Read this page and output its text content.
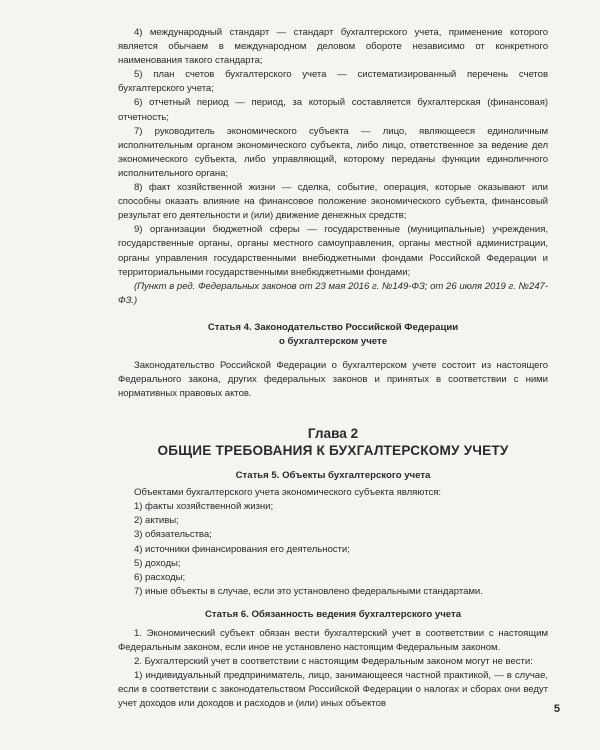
4) международный стандарт — стандарт бухгалтерского учета, применение которого является обычаем в международном деловом обороте независимо от конкретного наименования такого стандарта;

5) план счетов бухгалтерского учета — систематизированный перечень счетов бухгалтерского учета;

6) отчетный период — период, за который составляется бухгалтерская (финансовая) отчетность;

7) руководитель экономического субъекта — лицо, являющееся единоличным исполнительным органом экономического субъекта, либо лицо, ответственное за ведение дел экономического субъекта, либо управляющий, которому переданы функции единоличного исполнительного органа;

8) факт хозяйственной жизни — сделка, событие, операция, которые оказывают или способны оказать влияние на финансовое положение экономического субъекта, финансовый результат его деятельности и (или) движение денежных средств;

9) организации бюджетной сферы — государственные (муниципальные) учреждения, государственные органы, органы местного самоуправления, органы местной администрации, органы управления государственными внебюджетными фондами Российской Федерации и территориальными государственными внебюджетными фондами;

(Пункт в ред. Федеральных законов от 23 мая 2016 г. №149-ФЗ; от 26 июля 2019 г. №247-ФЗ.)

Статья 4. Законодательство Российской Федерации

о бухгалтерском учете

Законодательство Российской Федерации о бухгалтерском учете состоит из настоящего Федерального закона, других федеральных законов и принятых в соответствии с ними нормативных правовых актов.

Глава 2

ОБЩИЕ ТРЕБОВАНИЯ К БУХГАЛТЕРСКОМУ УЧЕТУ

Статья 5. Объекты бухгалтерского учета

Объектами бухгалтерского учета экономического субъекта являются:

1) факты хозяйственной жизни;

2) активы;

3) обязательства;

4) источники финансирования его деятельности;

5) доходы;

6) расходы;

7) иные объекты в случае, если это установлено федеральными стандартами.

Статья 6. Обязанность ведения бухгалтерского учета

1. Экономический субъект обязан вести бухгалтерский учет в соответствии с настоящим Федеральным законом, если иное не установлено настоящим Федеральным законом.

2. Бухгалтерский учет в соответствии с настоящим Федеральным законом могут не вести:

1) индивидуальный предприниматель, лицо, занимающееся частной практикой, — в случае, если в соответствии с законодательством Российской Федерации о налогах и сборах они ведут учет доходов или доходов и расходов и (или) иных объектов	5
